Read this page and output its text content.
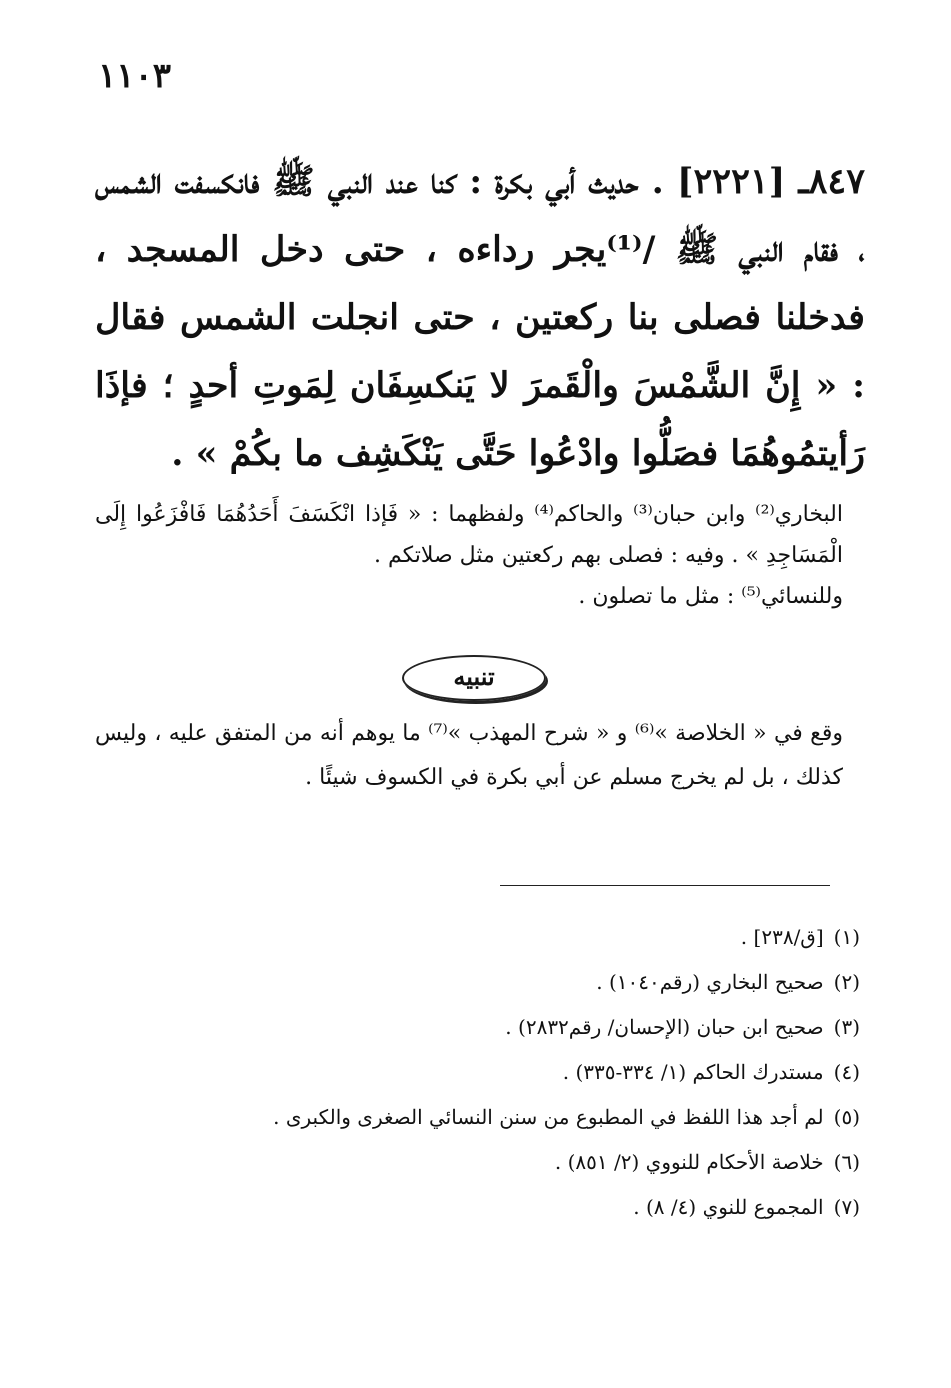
١١٠٣
٨٤٧ـ [٢٢٢١] . حديث أبي بكرة : كنا عند النبي ﷺ فانكسفت الشمس ، فقام النبي ﷺ /⁽¹⁾يجر رداءه ، حتى دخل المسجد ، فدخلنا فصلى بنا ركعتين ، حتى انجلت الشمس فقال : « إِنَّ الشَّمْسَ والْقَمرَ لا يَنكسِفَان لِمَوتِ أحدٍ ؛ فإذَا رَأيتمُوهُمَا فصَلُّوا وادْعُوا حَتَّى يَنْكَشِف ما بكُمْ » .

البخاري⁽²⁾ وابن حبان⁽³⁾ والحاكم⁽⁴⁾ ولفظهما : « فَإذا انْكَسَفَ أَحَدُهُمَا فَافْزَعُوا إِلَى الْمَسَاجِدِ » . وفيه : فصلى بهم ركعتين مثل صلاتكم .

وللنسائي⁽⁵⁾ : مثل ما تصلون .

تنبيه

وقع في « الخلاصة »⁽⁶⁾ و « شرح المهذب »⁽⁷⁾ ما يوهم أنه من المتفق عليه ، وليس كذلك ، بل لم يخرج مسلم عن أبي بكرة في الكسوف شيئًا .

(١)[ق/٢٣٨] .
(٢)صحيح البخاري (رقم١٠٤٠) .
(٣)صحيح ابن حبان (الإحسان/ رقم٢٨٣٢) .
(٤)مستدرك الحاكم (١/ ٣٣٤-٣٣٥) .
(٥)لم أجد هذا اللفظ في المطبوع من سنن النسائي الصغرى والكبرى .
(٦)خلاصة الأحكام للنووي (٢/ ٨٥١) .
(٧)المجموع للنوي (٤/ ٨) .
